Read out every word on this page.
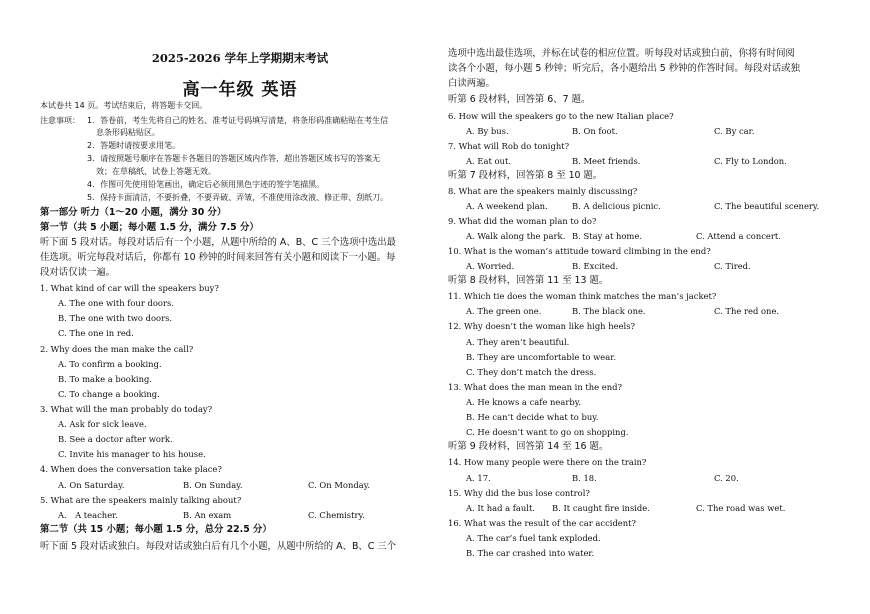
2025-2026 学年上学期期末考试
高一年级 英语
本试卷共 14 页。考试结束后，将答题卡交回。
注意事项： 1．答卷前，考生先将自己的姓名、准考证号码填写清楚，将条形码准确粘贴在考生信
息条形码粘贴区。
2．答题时请按要求用笔。
3．请按照题号顺序在答题卡各题目的答题区域内作答，超出答题区域书写的答案无
效；在草稿纸、试卷上答题无效。
4．作图可先使用铅笔画出，确定后必须用黑色字迹的签字笔描黑。
5．保持卡面清洁，不要折叠，不要弄破、弄皱，不准使用涂改液、修正带、刮纸刀。
第一部分 听力（1～20 小题，满分 30 分）
第一节（共 5 小题；每小题 1.5 分，满分 7.5 分）
听下面 5 段对话。每段对话后有一个小题，从题中所给的 A、B、C 三个选项中选出最
佳选项。听完每段对话后，你都有 10 秒钟的时间来回答有关小题和阅读下一小题。每
段对话仅读一遍。
1. What kind of car will the speakers buy?
A. The one with four doors.
B. The one with two doors.
C. The one in red.
2. Why does the man make the call?
A. To confirm a booking.
B. To make a booking.
C. To change a booking.
3. What will the man probably do today?
A. Ask for sick leave.
B. See a doctor after work.
C. Invite his manager to his house.
4. When does the conversation take place?
A. On Saturday.	B. On Sunday.	C. On Monday.
5. What are the speakers mainly talking about?
A． A teacher.	B. An exam	C. Chemistry.
第二节（共 15 小题；每小题 1.5 分，总分 22.5 分）
听下面 5 段对话或独白。每段对话或独白后有几个小题，从题中所给的 A、B、C 三个
选项中选出最佳选项，并标在试卷的相应位置。听每段对话或独白前，你将有时间阅
读各个小题，每小题 5 秒钟；听完后，各小题给出 5 秒钟的作答时间。每段对话或独
白读两遍。
听第 6 段材料，回答第 6、7 题。
6. How will the speakers go to the new Italian place?
A. By bus.	B. On foot.	C. By car.
7. What will Rob do tonight?
A. Eat out.	B. Meet friends.	C. Fly to London.
听第 7 段材料，回答第 8 至 10 题。
8. What are the speakers mainly discussing?
A. A weekend plan.	B. A delicious picnic.	C. The beautiful scenery.
9. What did the woman plan to do?
A. Walk along the park. B. Stay at home.	C. Attend a concert.
10. What is the woman’s attitude toward climbing in the end?
A. Worried.	B. Excited.	C. Tired.
听第 8 段材料，回答第 11 至 13 题。
11. Which tie does the woman think matches the man’s jacket?
A. The green one.	B. The black one.	C. The red one.
12. Why doesn’t the woman like high heels?
A. They aren’t beautiful.
B. They are uncomfortable to wear.
C. They don’t match the dress.
13. What does the man mean in the end?
A. He knows a cafe nearby.
B. He can’t decide what to buy.
C. He doesn’t want to go on shopping.
听第 9 段材料，回答第 14 至 16 题。
14. How many people were there on the train?
A. 17.	B. 18.	C. 20.
15. Why did the bus lose control?
A. It had a fault. B. It caught fire inside.	C. The road was wet.
16. What was the result of the car accident?
A. The car’s fuel tank exploded.
B. The car crashed into water.
